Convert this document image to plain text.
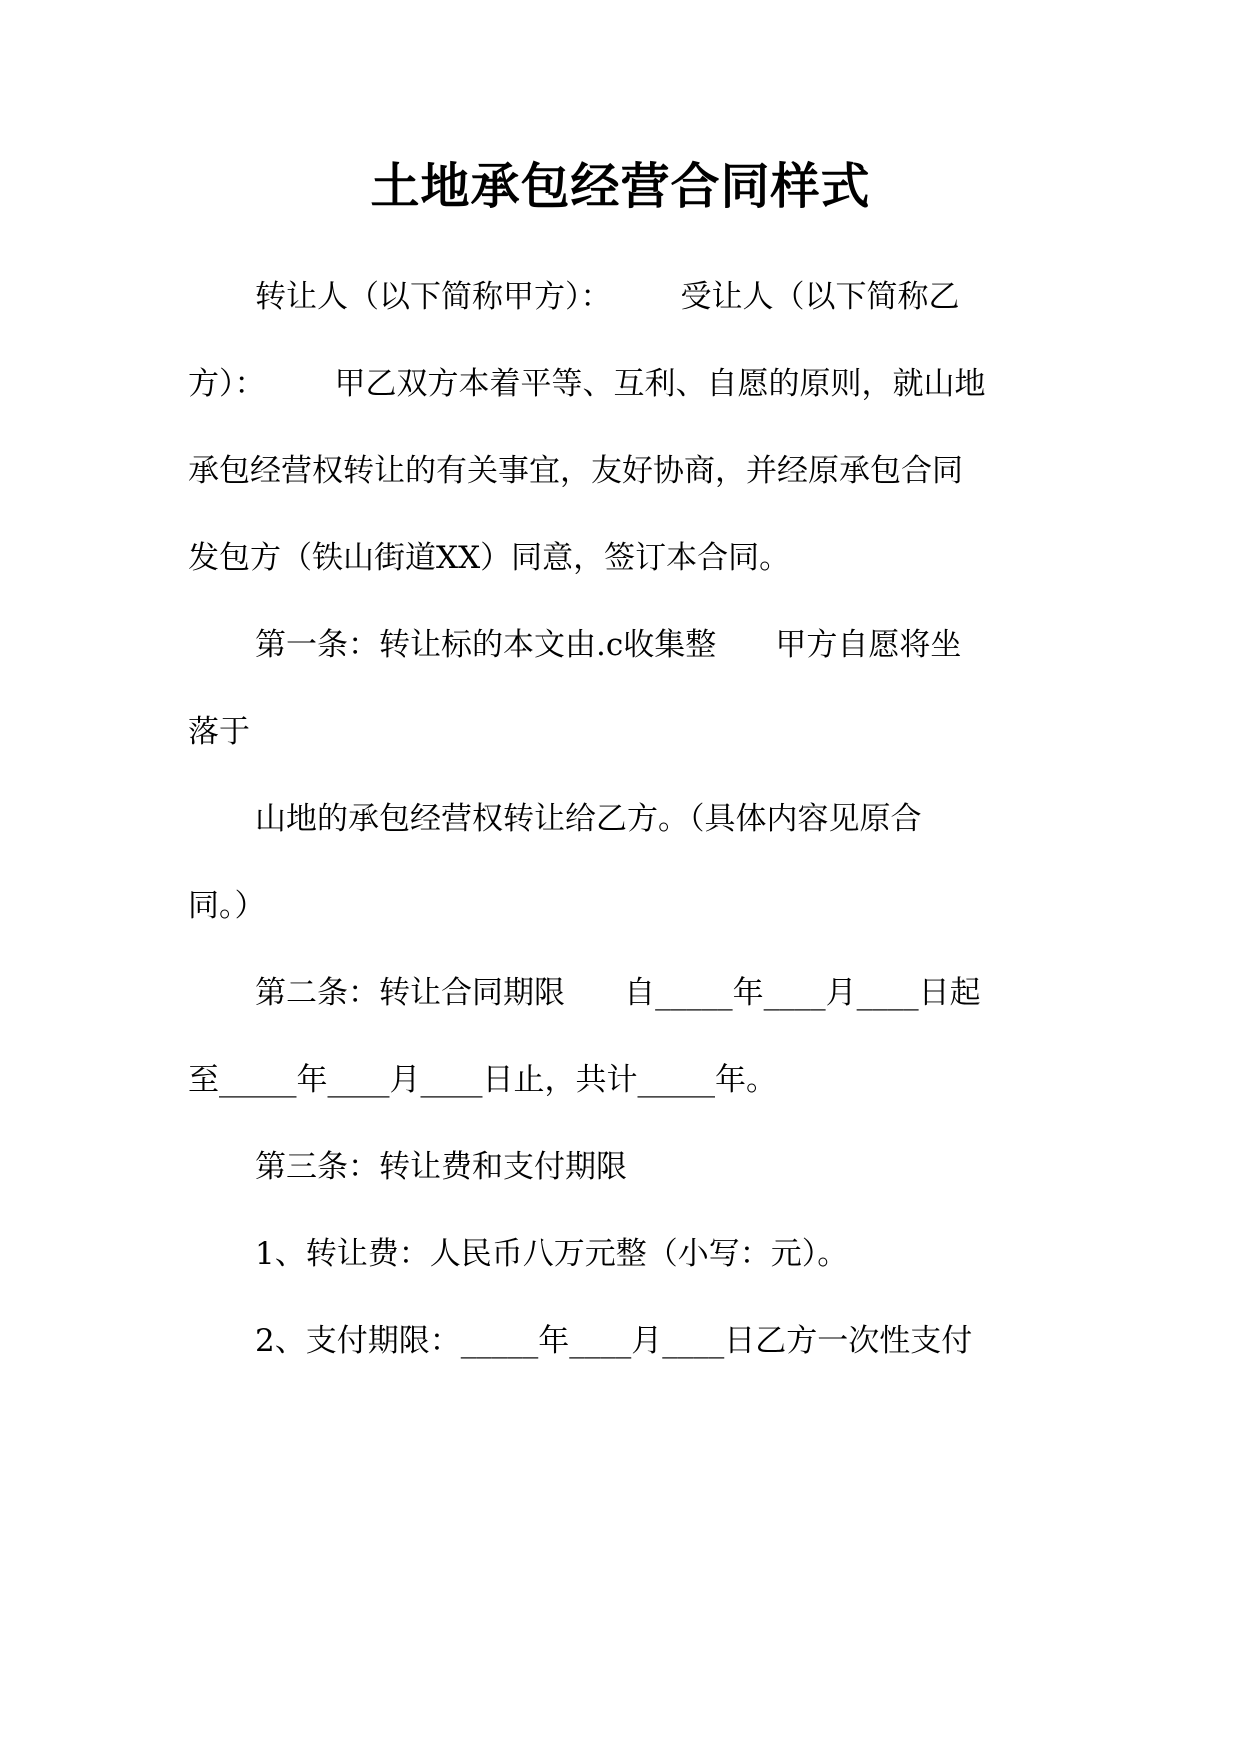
土地承包经营合同样式
转让人（以下简称甲方）：       受让人（以下简称乙
方）：       甲乙双方本着平等、互利、自愿的原则，就山地
承包经营权转让的有关事宜，友好协商，并经原承包合同
发包方（铁山街道XX）同意，签订本合同。
第一条：转让标的本文由.c收集整      甲方自愿将坐
落于
山地的承包经营权转让给乙方。（具体内容见原合
同。）
第二条：转让合同期限      自_____年____月____日起
至_____年____月____日止，共计_____年。
第三条：转让费和支付期限
1、转让费：人民币八万元整（小写：元）。
2、支付期限：_____年____月____日乙方一次性支付
